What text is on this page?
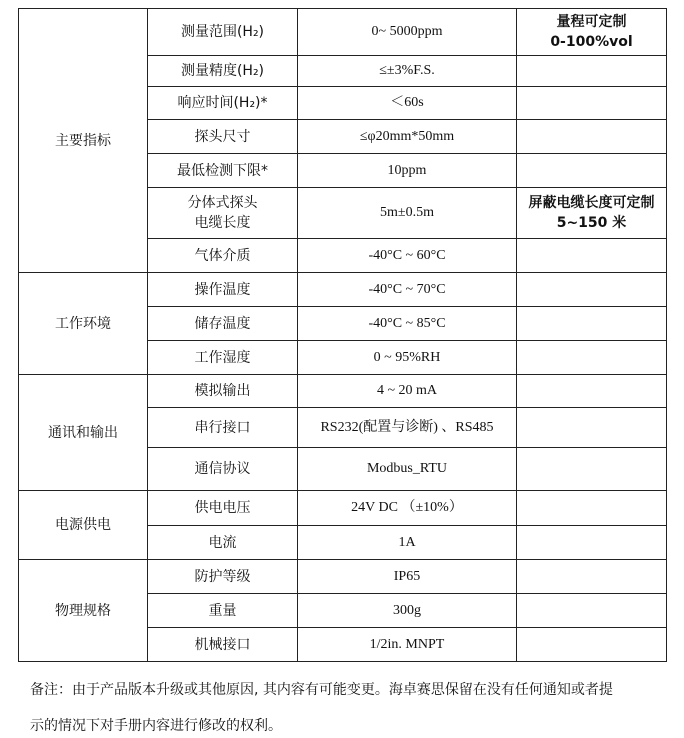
主要指标	测量范围(H₂)	0~ 5000ppm	量程可定制
0-100%vol

	测量精度(H₂)	≤±3%F.S.	
	响应时间(H₂)*	＜60s	
	探头尺寸	≤φ20mm*50mm	
	最低检测下限*	10ppm	

	分体式探头
电缆长度	5m±0.5m	屏蔽电缆长度可定制
5~150 米

	气体介质	-40°C ~ 60°C	
工作环境	操作温度	-40°C ~ 70°C	
	储存温度	-40°C ~ 85°C	
	工作湿度	0 ~ 95%RH	
通讯和输出	模拟输出	4 ~ 20 mA	
	串行接口	RS232(配置与诊断) 、RS485	
	通信协议	Modbus_RTU	
电源供电	供电电压	24V DC （±10%）	
	电流	1A	
物理规格	防护等级	IP65	
	重量	300g	
	机械接口	1/2in. MNPT	

备注：由于产品版本升级或其他原因, 其内容有可能变更。海卓赛思保留在没有任何通知或者提

示的情况下对手册内容进行修改的权利。
